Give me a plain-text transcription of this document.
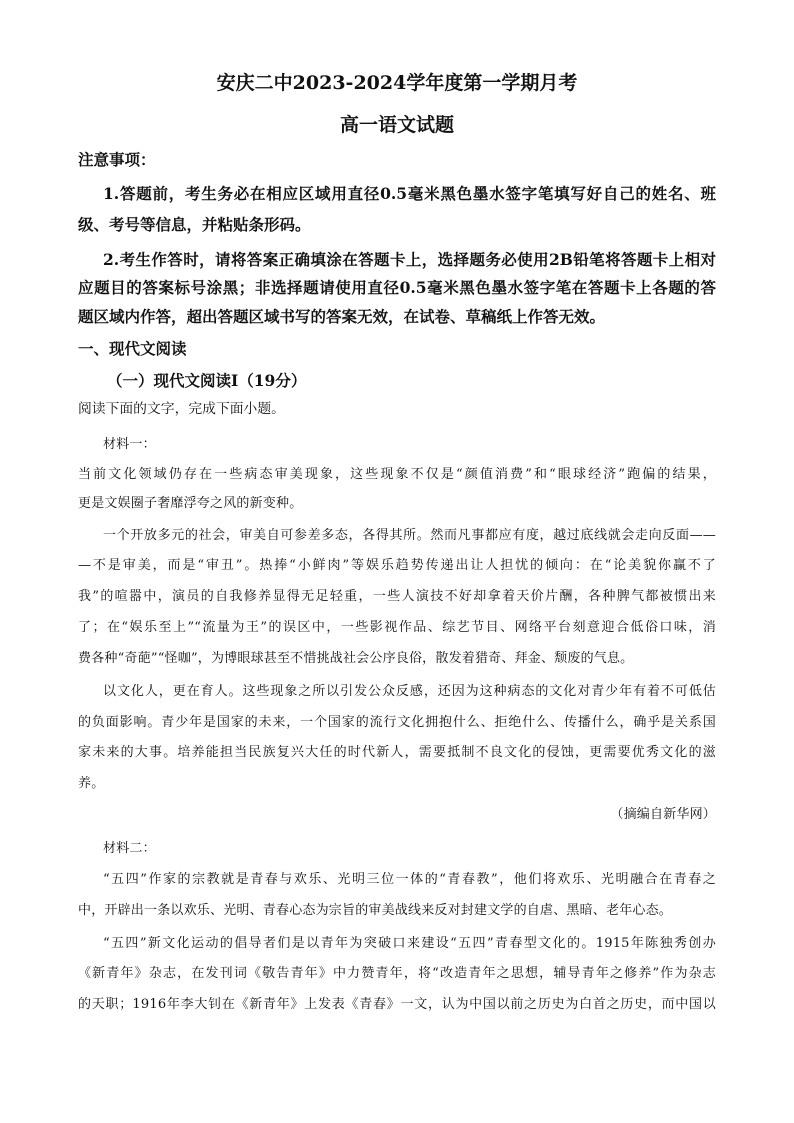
安庆二中2023-2024学年度第一学期月考
高一语文试题
注意事项：
1.答题前，考生务必在相应区域用直径0.5毫米黑色墨水签字笔填写好自己的姓名、班
级、考号等信息，并粘贴条形码。
2.考生作答时，请将答案正确填涂在答题卡上，选择题务必使用2B铅笔将答题卡上相对
应题目的答案标号涂黑；非选择题请使用直径0.5毫米黑色墨水签字笔在答题卡上各题的答
题区域内作答，超出答题区域书写的答案无效，在试卷、草稿纸上作答无效。
一、现代文阅读
（一）现代文阅读Ⅰ（19分）
阅读下面的文字，完成下面小题。
材料一：
当前文化领域仍存在一些病态审美现象，这些现象不仅是“颜值消费”和“眼球经济”跑偏的结果，
更是文娱圈子奢靡浮夸之风的新变种。
一个开放多元的社会，审美自可参差多态，各得其所。然而凡事都应有度，越过底线就会走向反面——
—不是审美，而是“审丑”。热捧“小鲜肉”等娱乐趋势传递出让人担忧的倾向：在“论美貌你赢不了
我”的喧嚣中，演员的自我修养显得无足轻重，一些人演技不好却拿着天价片酬，各种脾气都被惯出来
了；在“娱乐至上”“流量为王”的误区中，一些影视作品、综艺节目、网络平台刻意迎合低俗口味，消
费各种“奇葩”“怪咖”，为博眼球甚至不惜挑战社会公序良俗，散发着猎奇、拜金、颓废的气息。
以文化人，更在育人。这些现象之所以引发公众反感，还因为这种病态的文化对青少年有着不可低估
的负面影响。青少年是国家的未来，一个国家的流行文化拥抱什么、拒绝什么、传播什么，确乎是关系国
家未来的大事。培养能担当民族复兴大任的时代新人，需要抵制不良文化的侵蚀，更需要优秀文化的滋
养。
（摘编自新华网）
材料二：
“五四”作家的宗教就是青春与欢乐、光明三位一体的“青春教”，他们将欢乐、光明融合在青春之
中，开辟出一条以欢乐、光明、青春心态为宗旨的审美战线来反对封建文学的自虐、黑暗、老年心态。
“五四”新文化运动的倡导者们是以青年为突破口来建设“五四”青春型文化的。1915年陈独秀创办
《新青年》杂志，在发刊词《敬告青年》中力赞青年，将“改造青年之思想，辅导青年之修养”作为杂志
的天职；1916年李大钊在《新青年》上发表《青春》一文，认为中国以前之历史为白首之历史，而中国以
